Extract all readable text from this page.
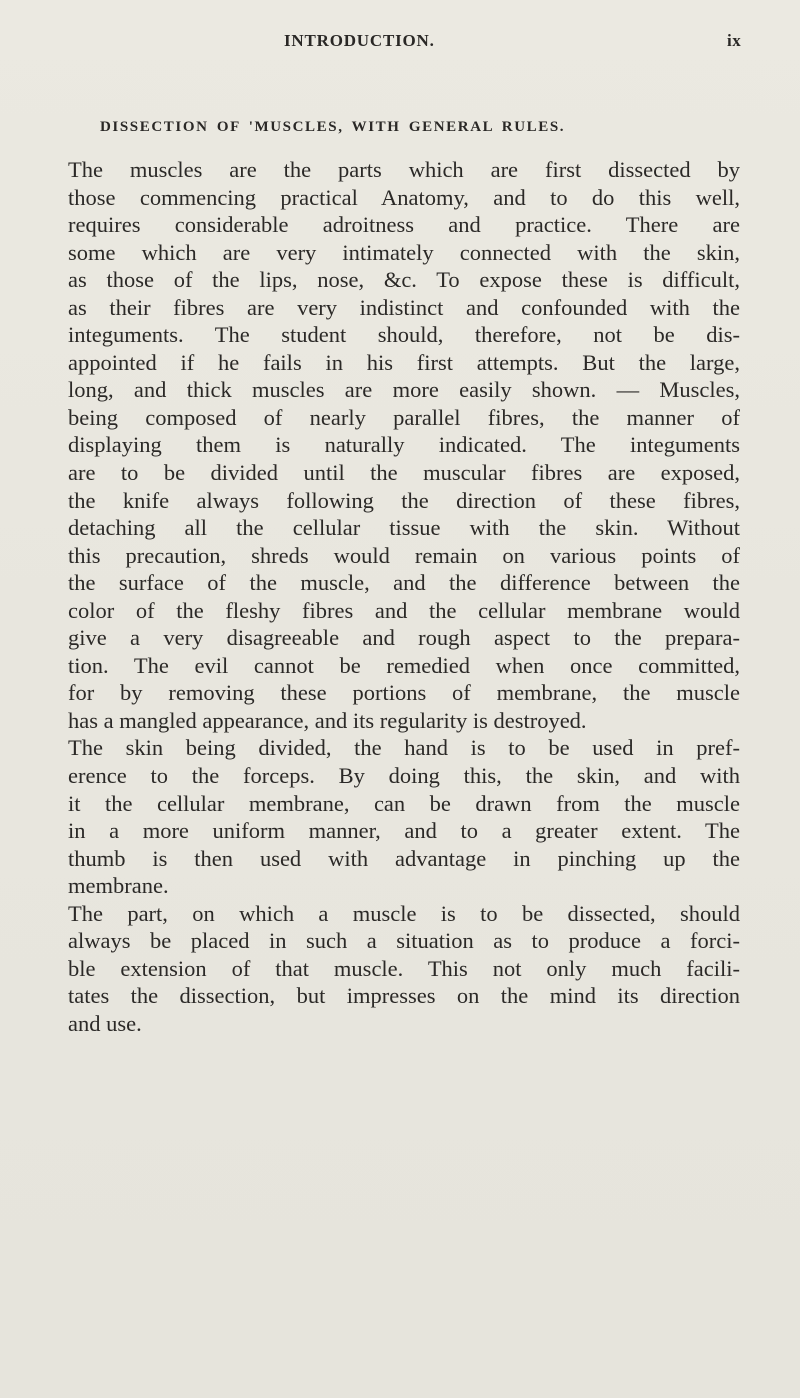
INTRODUCTION.	ix
DISSECTION OF 'MUSCLES, WITH GENERAL RULES.
The muscles are the parts which are first dissected by
those commencing practical Anatomy, and to do this well,
requires considerable adroitness and practice. There are
some which are very intimately connected with the skin,
as those of the lips, nose, &c. To expose these is difficult,
as their fibres are very indistinct and confounded with the
integuments. The student should, therefore, not be dis-
appointed if he fails in his first attempts. But the large,
long, and thick muscles are more easily shown. — Muscles,
being composed of nearly parallel fibres, the manner of
displaying them is naturally indicated. The integuments
are to be divided until the muscular fibres are exposed,
the knife always following the direction of these fibres,
detaching all the cellular tissue with the skin. Without
this precaution, shreds would remain on various points of
the surface of the muscle, and the difference between the
color of the fleshy fibres and the cellular membrane would
give a very disagreeable and rough aspect to the prepara-
tion. The evil cannot be remedied when once committed,
for by removing these portions of membrane, the muscle
has a mangled appearance, and its regularity is destroyed.
The skin being divided, the hand is to be used in pref-
erence to the forceps. By doing this, the skin, and with
it the cellular membrane, can be drawn from the muscle
in a more uniform manner, and to a greater extent. The
thumb is then used with advantage in pinching up the
membrane.
The part, on which a muscle is to be dissected, should
always be placed in such a situation as to produce a forci-
ble extension of that muscle. This not only much facili-
tates the dissection, but impresses on the mind its direction
and use.
